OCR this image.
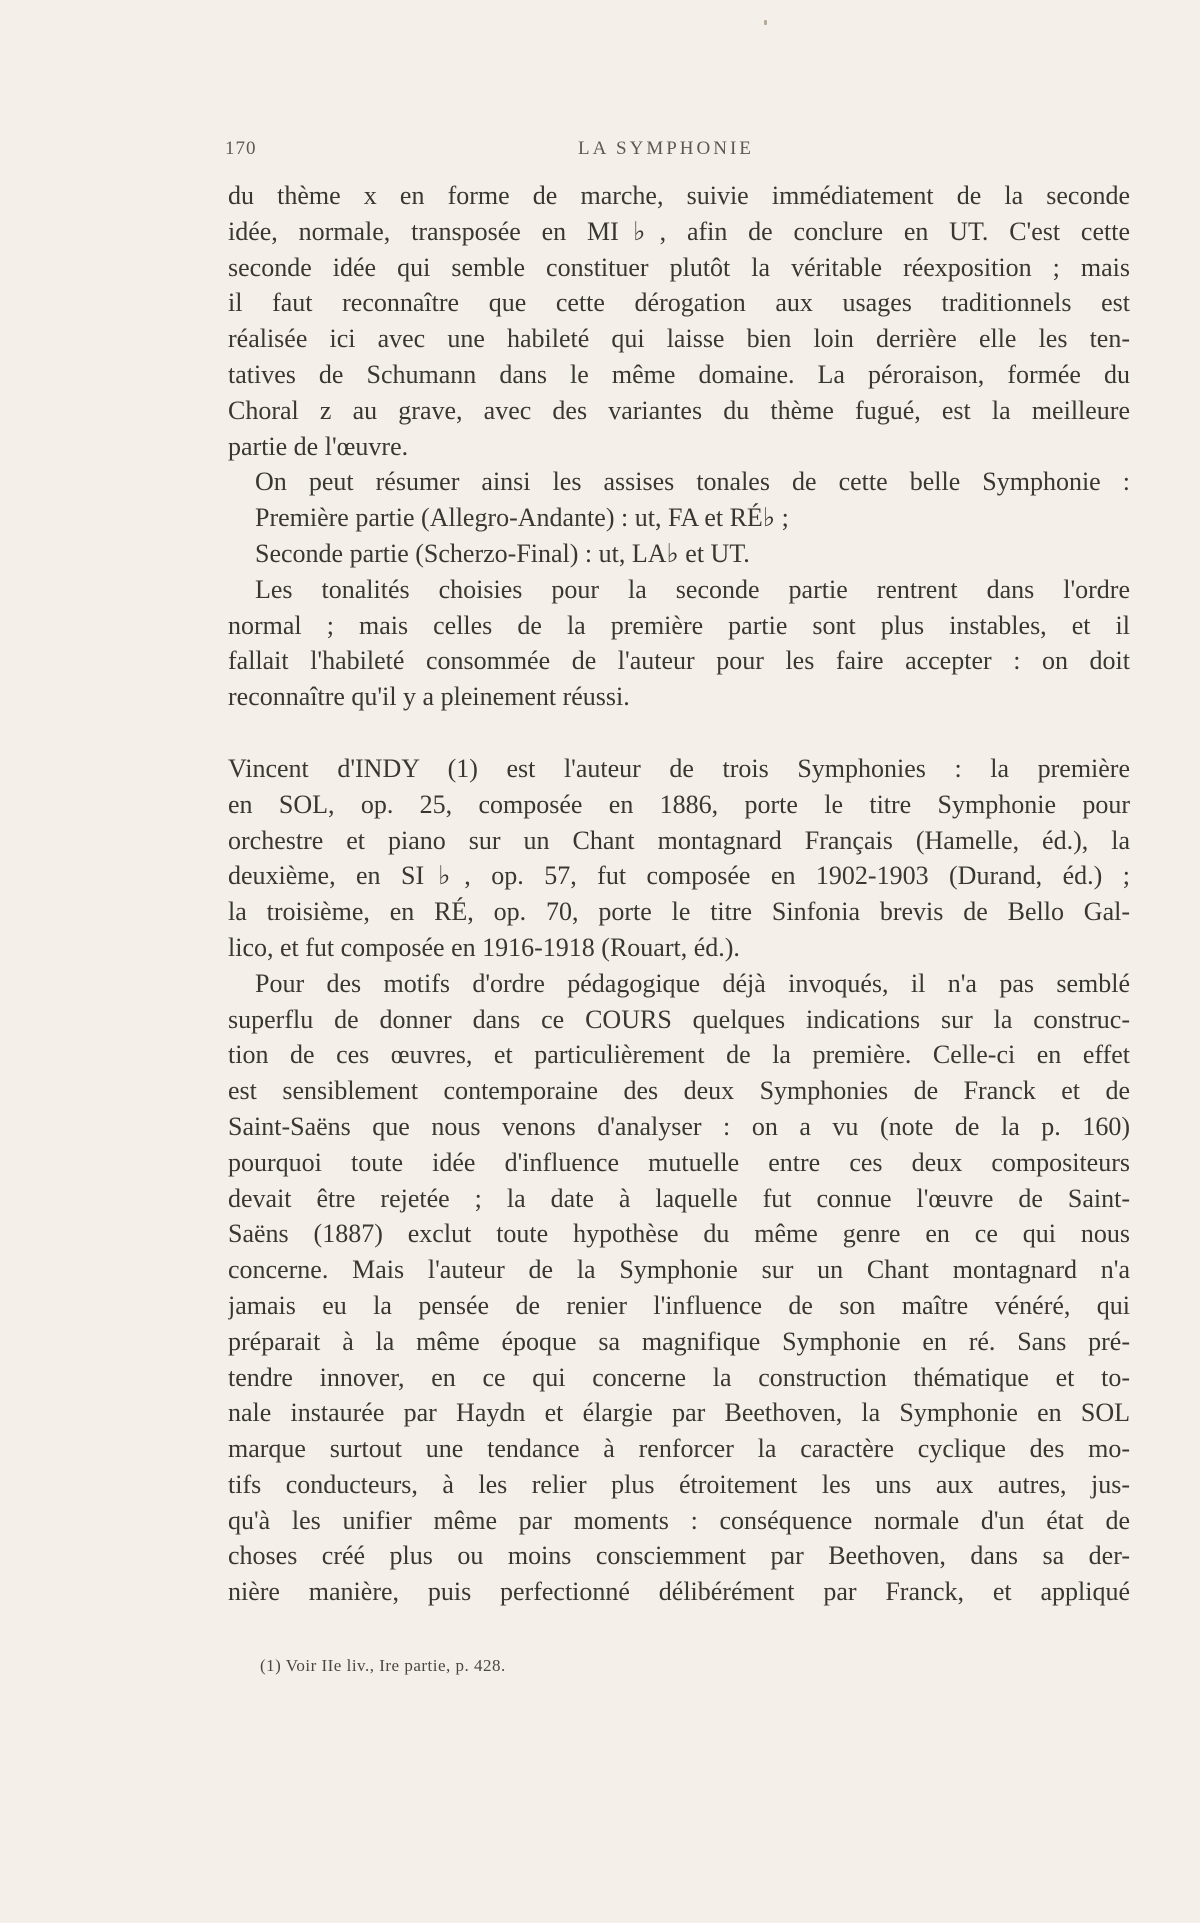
170	LA SYMPHONIE
du thème x en forme de marche, suivie immédiatement de la seconde
idée, normale, transposée en MI♭, afin de conclure en UT. C'est cette
seconde idée qui semble constituer plutôt la véritable réexposition ; mais
il faut reconnaître que cette dérogation aux usages traditionnels est
réalisée ici avec une habileté qui laisse bien loin derrière elle les ten-
tatives de Schumann dans le même domaine. La péroraison, formée du
Choral z au grave, avec des variantes du thème fugué, est la meilleure
partie de l'œuvre.
On peut résumer ainsi les assises tonales de cette belle Symphonie :
Première partie (Allegro-Andante) : ut, FA et RÉ♭ ;
Seconde partie (Scherzo-Final) : ut, LA♭ et UT.
Les tonalités choisies pour la seconde partie rentrent dans l'ordre
normal ; mais celles de la première partie sont plus instables, et il
fallait l'habileté consommée de l'auteur pour les faire accepter : on doit
reconnaître qu'il y a pleinement réussi.
Vincent d'INDY (1) est l'auteur de trois Symphonies : la première
en SOL, op. 25, composée en 1886, porte le titre Symphonie pour
orchestre et piano sur un Chant montagnard Français (Hamelle, éd.), la
deuxième, en SI♭, op. 57, fut composée en 1902-1903 (Durand, éd.) ;
la troisième, en RÉ, op. 70, porte le titre Sinfonia brevis de Bello Gal-
lico, et fut composée en 1916-1918 (Rouart, éd.).
Pour des motifs d'ordre pédagogique déjà invoqués, il n'a pas semblé
superflu de donner dans ce COURS quelques indications sur la construc-
tion de ces œuvres, et particulièrement de la première. Celle-ci en effet
est sensiblement contemporaine des deux Symphonies de Franck et de
Saint-Saëns que nous venons d'analyser : on a vu (note de la p. 160)
pourquoi toute idée d'influence mutuelle entre ces deux compositeurs
devait être rejetée ; la date à laquelle fut connue l'œuvre de Saint-
Saëns (1887) exclut toute hypothèse du même genre en ce qui nous
concerne. Mais l'auteur de la Symphonie sur un Chant montagnard n'a
jamais eu la pensée de renier l'influence de son maître vénéré, qui
préparait à la même époque sa magnifique Symphonie en ré. Sans pré-
tendre innover, en ce qui concerne la construction thématique et to-
nale instaurée par Haydn et élargie par Beethoven, la Symphonie en SOL
marque surtout une tendance à renforcer la caractère cyclique des mo-
tifs conducteurs, à les relier plus étroitement les uns aux autres, jus-
qu'à les unifier même par moments : conséquence normale d'un état de
choses créé plus ou moins consciemment par Beethoven, dans sa der-
nière manière, puis perfectionné délibérément par Franck, et appliqué
(1) Voir IIe liv., Ire partie, p. 428.
